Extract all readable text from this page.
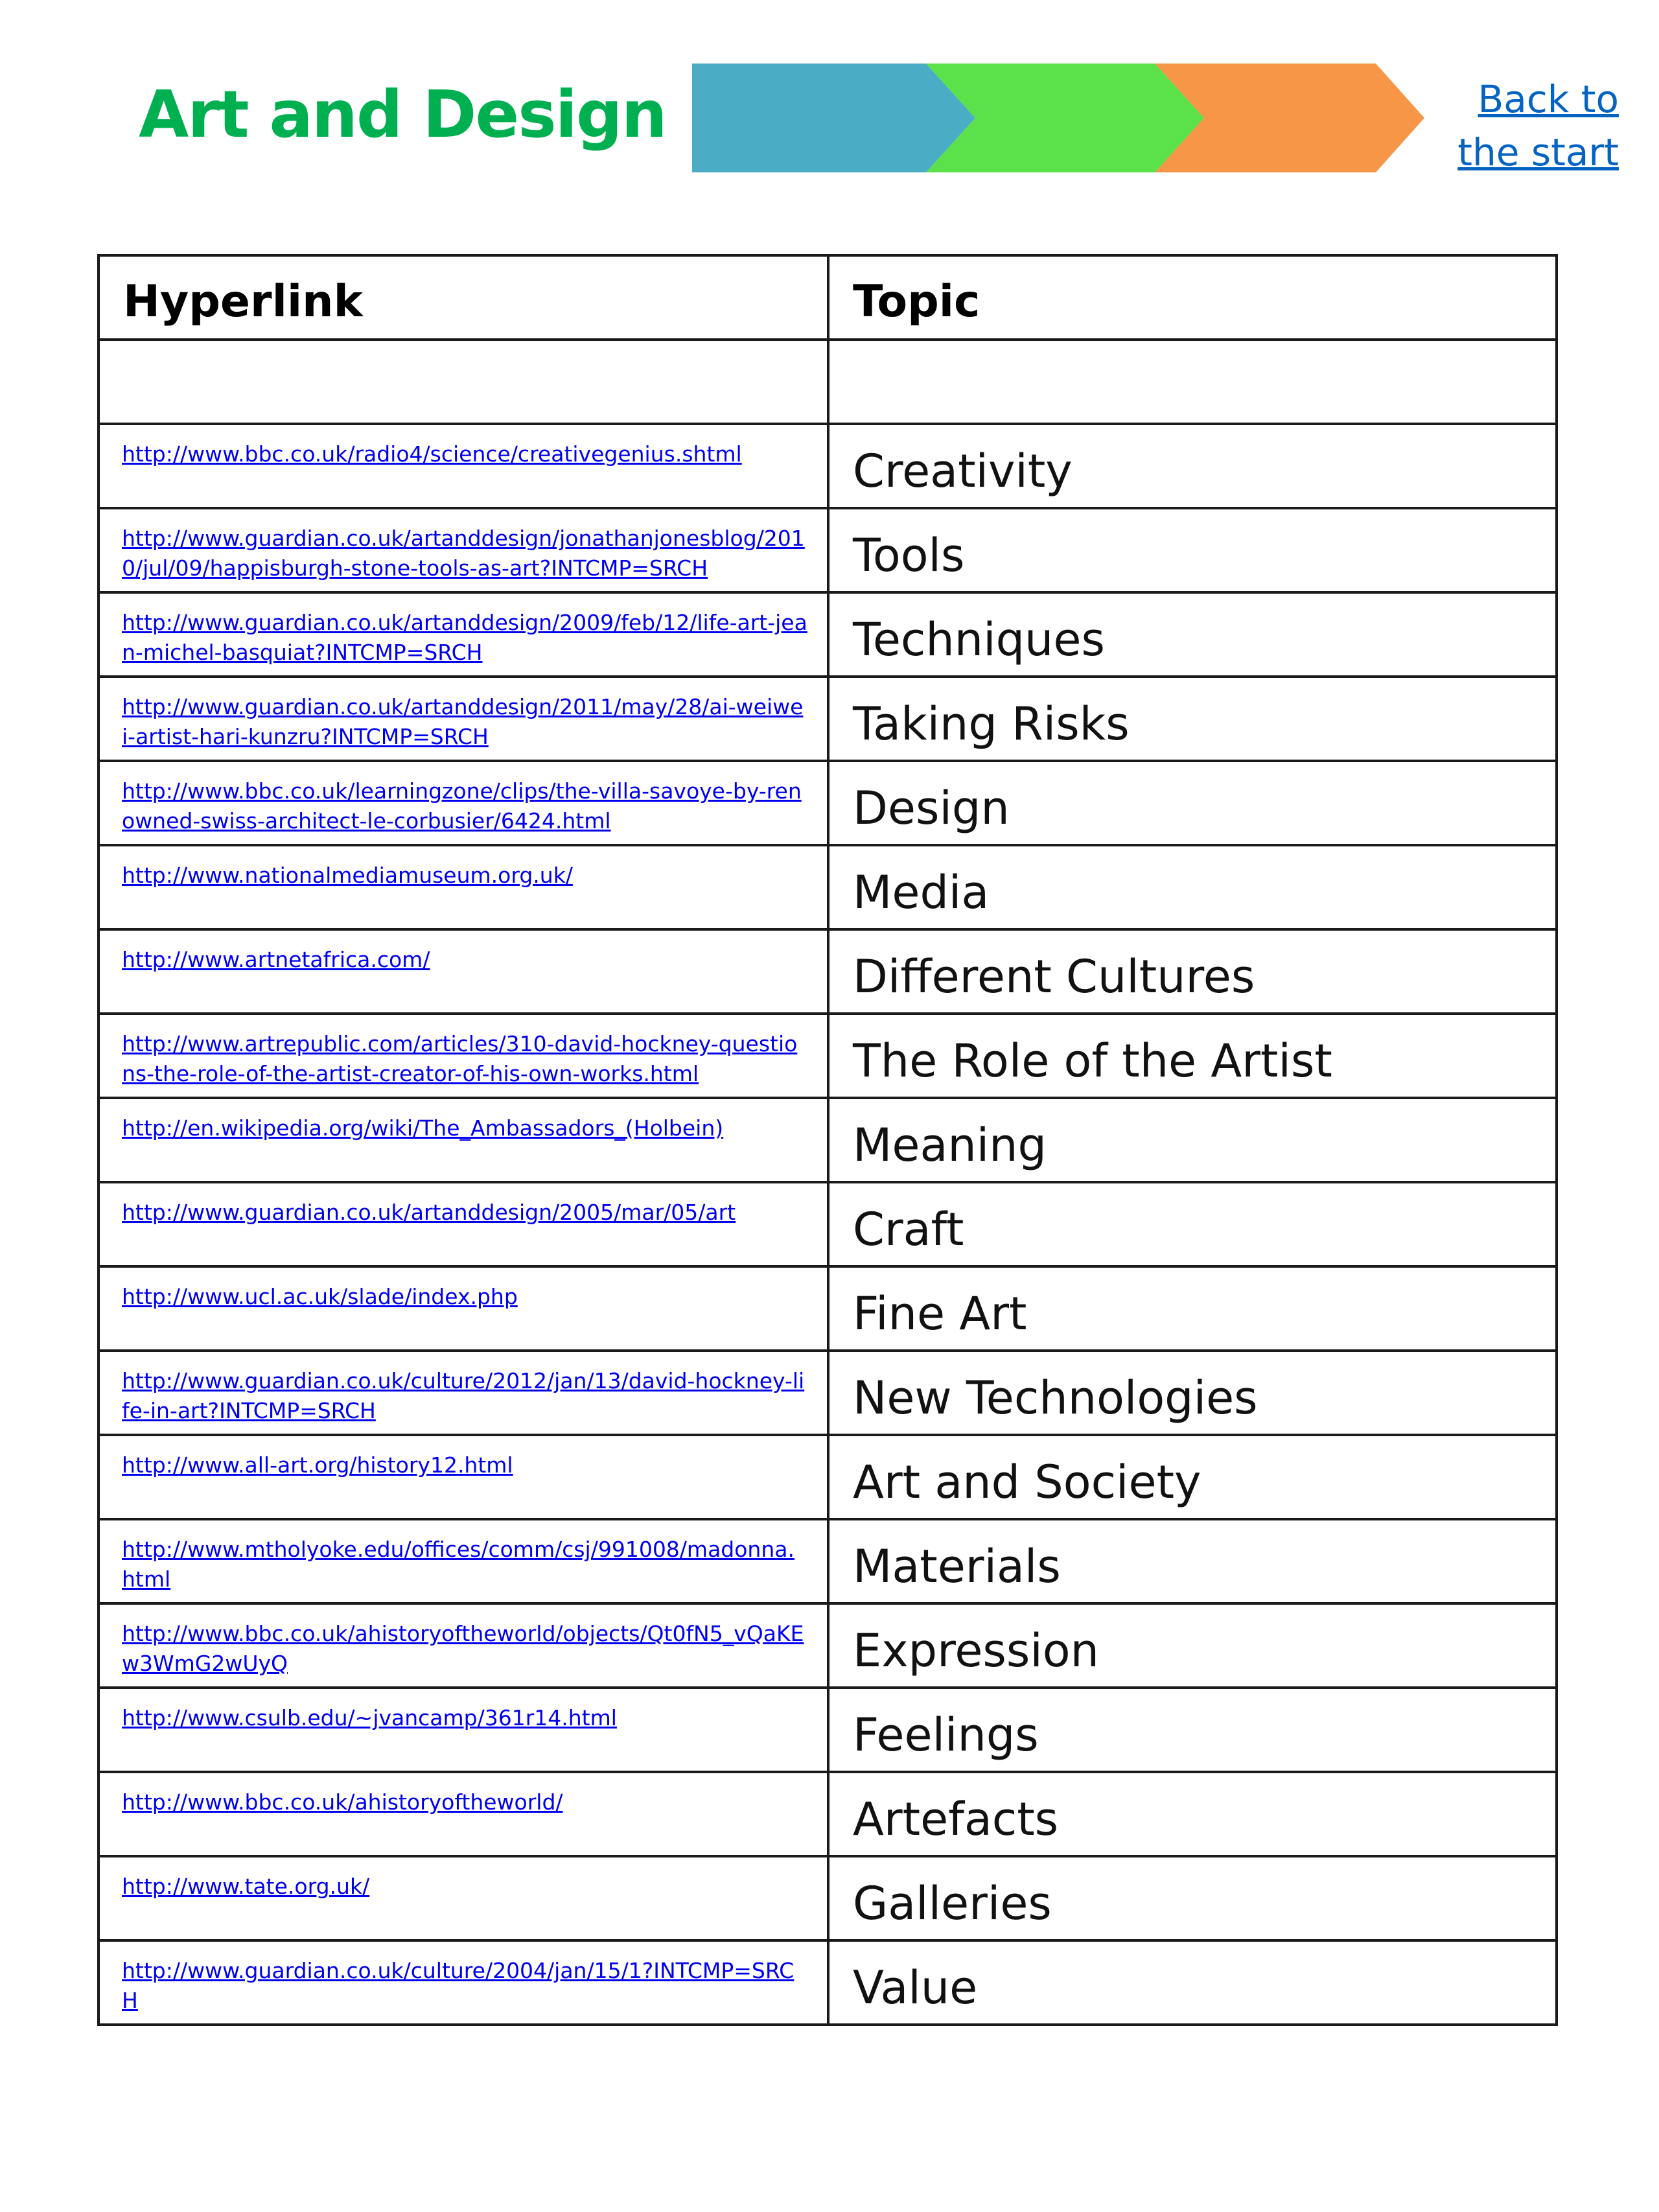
Art and Design	Back to the start
Hyperlink	Topic

http://www.bbc.co.uk/radio4/science/creativegenius.shtml	Creativity

http://www.guardian.co.uk/artanddesign/jonathanjonesblog/2010/jul/09/happisburgh-stone-tools-as-art?INTCMP=SRCH	Tools

http://www.guardian.co.uk/artanddesign/2009/feb/12/life-art-jean-michel-basquiat?INTCMP=SRCH	Techniques

http://www.guardian.co.uk/artanddesign/2011/may/28/ai-weiwei-artist-hari-kunzru?INTCMP=SRCH	Taking Risks

http://www.bbc.co.uk/learningzone/clips/the-villa-savoye-by-renowned-swiss-architect-le-corbusier/6424.html	Design

http://www.nationalmediamuseum.org.uk/	Media

http://www.artnetafrica.com/	Different Cultures

http://www.artrepublic.com/articles/310-david-hockney-questions-the-role-of-the-artist-creator-of-his-own-works.html	The Role of the Artist

http://en.wikipedia.org/wiki/The_Ambassadors_(Holbein)	Meaning

http://www.guardian.co.uk/artanddesign/2005/mar/05/art	Craft

http://www.ucl.ac.uk/slade/index.php	Fine Art

http://www.guardian.co.uk/culture/2012/jan/13/david-hockney-life-in-art?INTCMP=SRCH	New Technologies

http://www.all-art.org/history12.html	Art and Society

http://www.mtholyoke.edu/offices/comm/csj/991008/madonna.html	Materials

http://www.bbc.co.uk/ahistoryoftheworld/objects/Qt0fN5_vQaKEw3WmG2wUyQ	Expression

http://www.csulb.edu/~jvancamp/361r14.html	Feelings

http://www.bbc.co.uk/ahistoryoftheworld/	Artefacts

http://www.tate.org.uk/	Galleries

http://www.guardian.co.uk/culture/2004/jan/15/1?INTCMP=SRCH	Value
